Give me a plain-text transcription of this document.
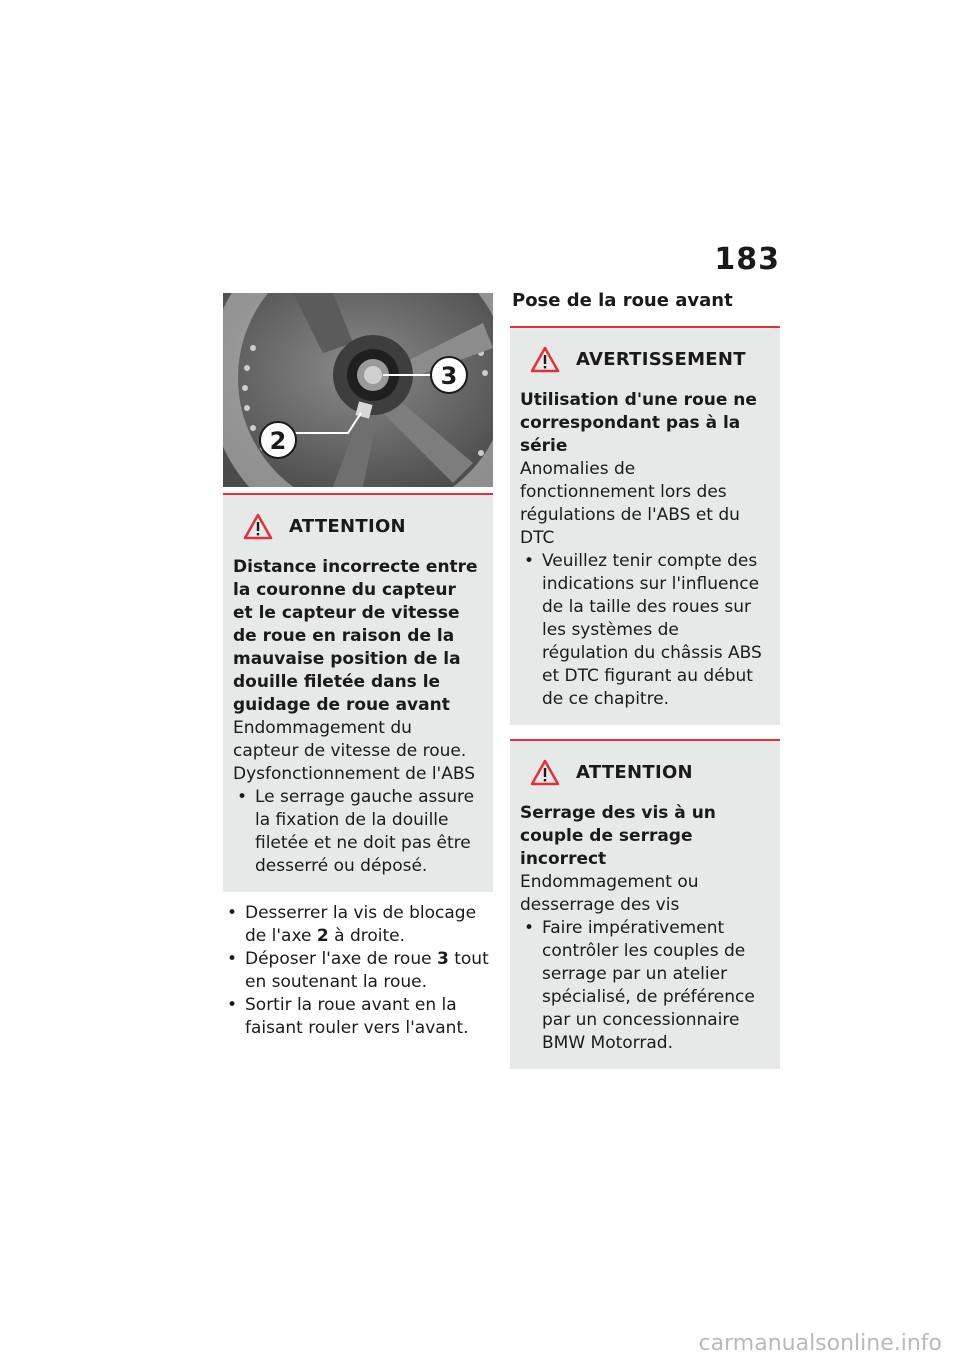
183
3
2
ATTENTION
Distance incorrecte entre la couronne du capteur et le capteur de vitesse de roue en raison de la mauvaise position de la douille filetée dans le guidage de roue avant
Endommagement du capteur de vitesse de roue. Dysfonctionnement de l'ABS
• Le serrage gauche assure la fixation de la douille filetée et ne doit pas être desserré ou déposé.
• Desserrer la vis de blocage de l'axe 2 à droite.
• Déposer l'axe de roue 3 tout en soutenant la roue.
• Sortir la roue avant en la faisant rouler vers l'avant.
Pose de la roue avant
AVERTISSEMENT
Utilisation d'une roue ne correspondant pas à la série
Anomalies de fonctionnement lors des régulations de l'ABS et du DTC
• Veuillez tenir compte des indications sur l'influence de la taille des roues sur les systèmes de régulation du châssis ABS et DTC figurant au début de ce chapitre.
ATTENTION
Serrage des vis à un couple de serrage incorrect
Endommagement ou desserrage des vis
• Faire impérativement contrôler les couples de serrage par un atelier spécialisé, de préférence par un concessionnaire BMW Motorrad.
carmanualsonline.info
